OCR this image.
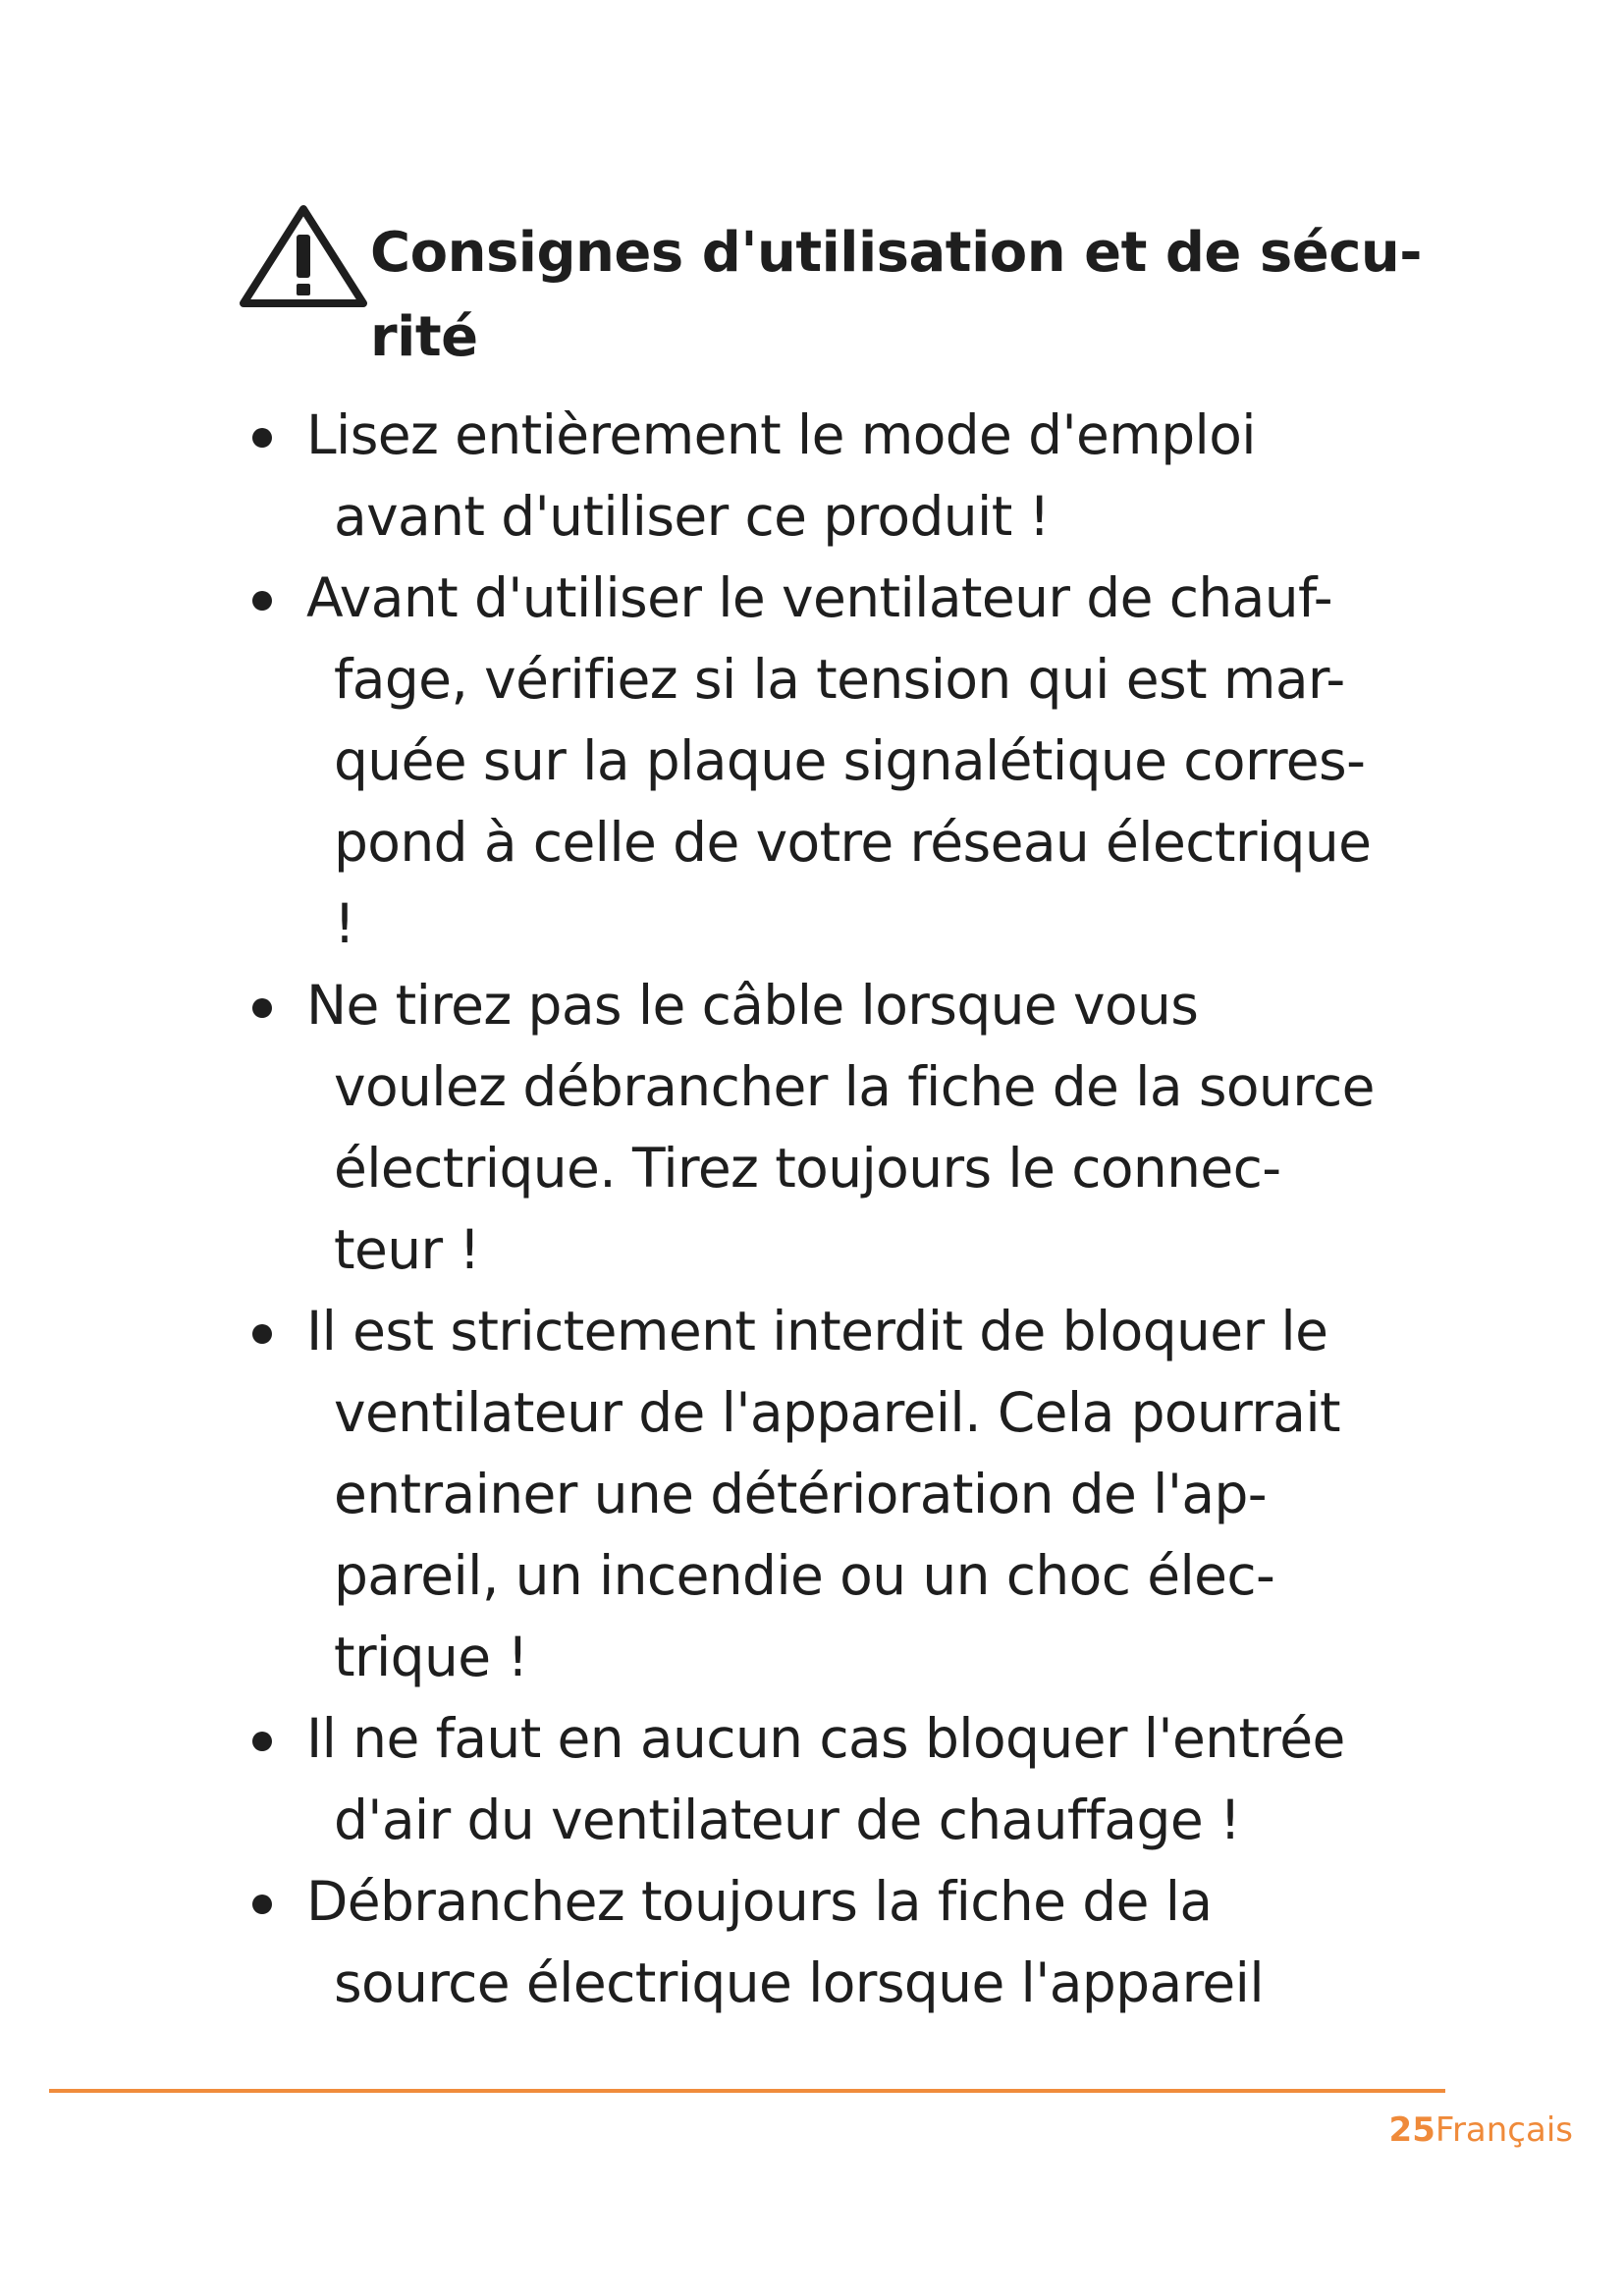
Consignes d'utilisation et de sécu-
rité
Lisez entièrement le mode d'emploi
avant d'utiliser ce produit !
Avant d'utiliser le ventilateur de chauf-
fage, vérifiez si la tension qui est mar-
quée sur la plaque signalétique corres-
pond à celle de votre réseau électrique
!
Ne tirez pas le câble lorsque vous
voulez débrancher la fiche de la source
électrique. Tirez toujours le connec-
teur !
Il est strictement interdit de bloquer le
ventilateur de l'appareil. Cela pourrait
entrainer une détérioration de l'ap-
pareil, un incendie ou un choc élec-
trique !
Il ne faut en aucun cas bloquer l'entrée
d'air du ventilateur de chauffage !
Débranchez toujours la fiche de la
source électrique lorsque l'appareil
25Français
